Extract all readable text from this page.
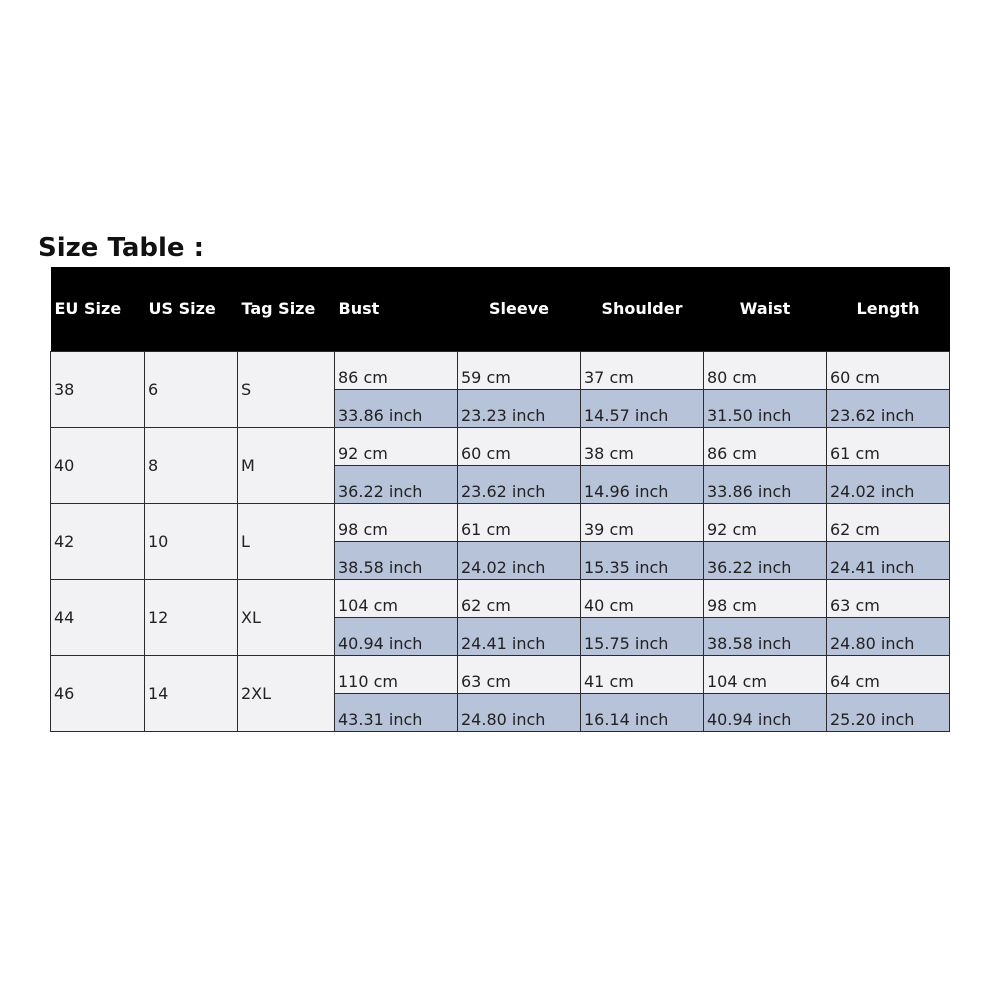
Size Table :
EU Size	US Size	Tag Size	Bust	Sleeve	Shoulder	Waist	Length
38	6	S	86 cm	59 cm	37 cm	80 cm	60 cm
			33.86 inch	23.23 inch	14.57 inch	31.50 inch	23.62 inch
40	8	M	92 cm	60 cm	38 cm	86 cm	61 cm
			36.22 inch	23.62 inch	14.96 inch	33.86 inch	24.02 inch
42	10	L	98 cm	61 cm	39 cm	92 cm	62 cm
			38.58 inch	24.02 inch	15.35 inch	36.22 inch	24.41 inch
44	12	XL	104 cm	62 cm	40 cm	98 cm	63 cm
			40.94 inch	24.41 inch	15.75 inch	38.58 inch	24.80 inch
46	14	2XL	110 cm	63 cm	41 cm	104 cm	64 cm
			43.31 inch	24.80 inch	16.14 inch	40.94 inch	25.20 inch
